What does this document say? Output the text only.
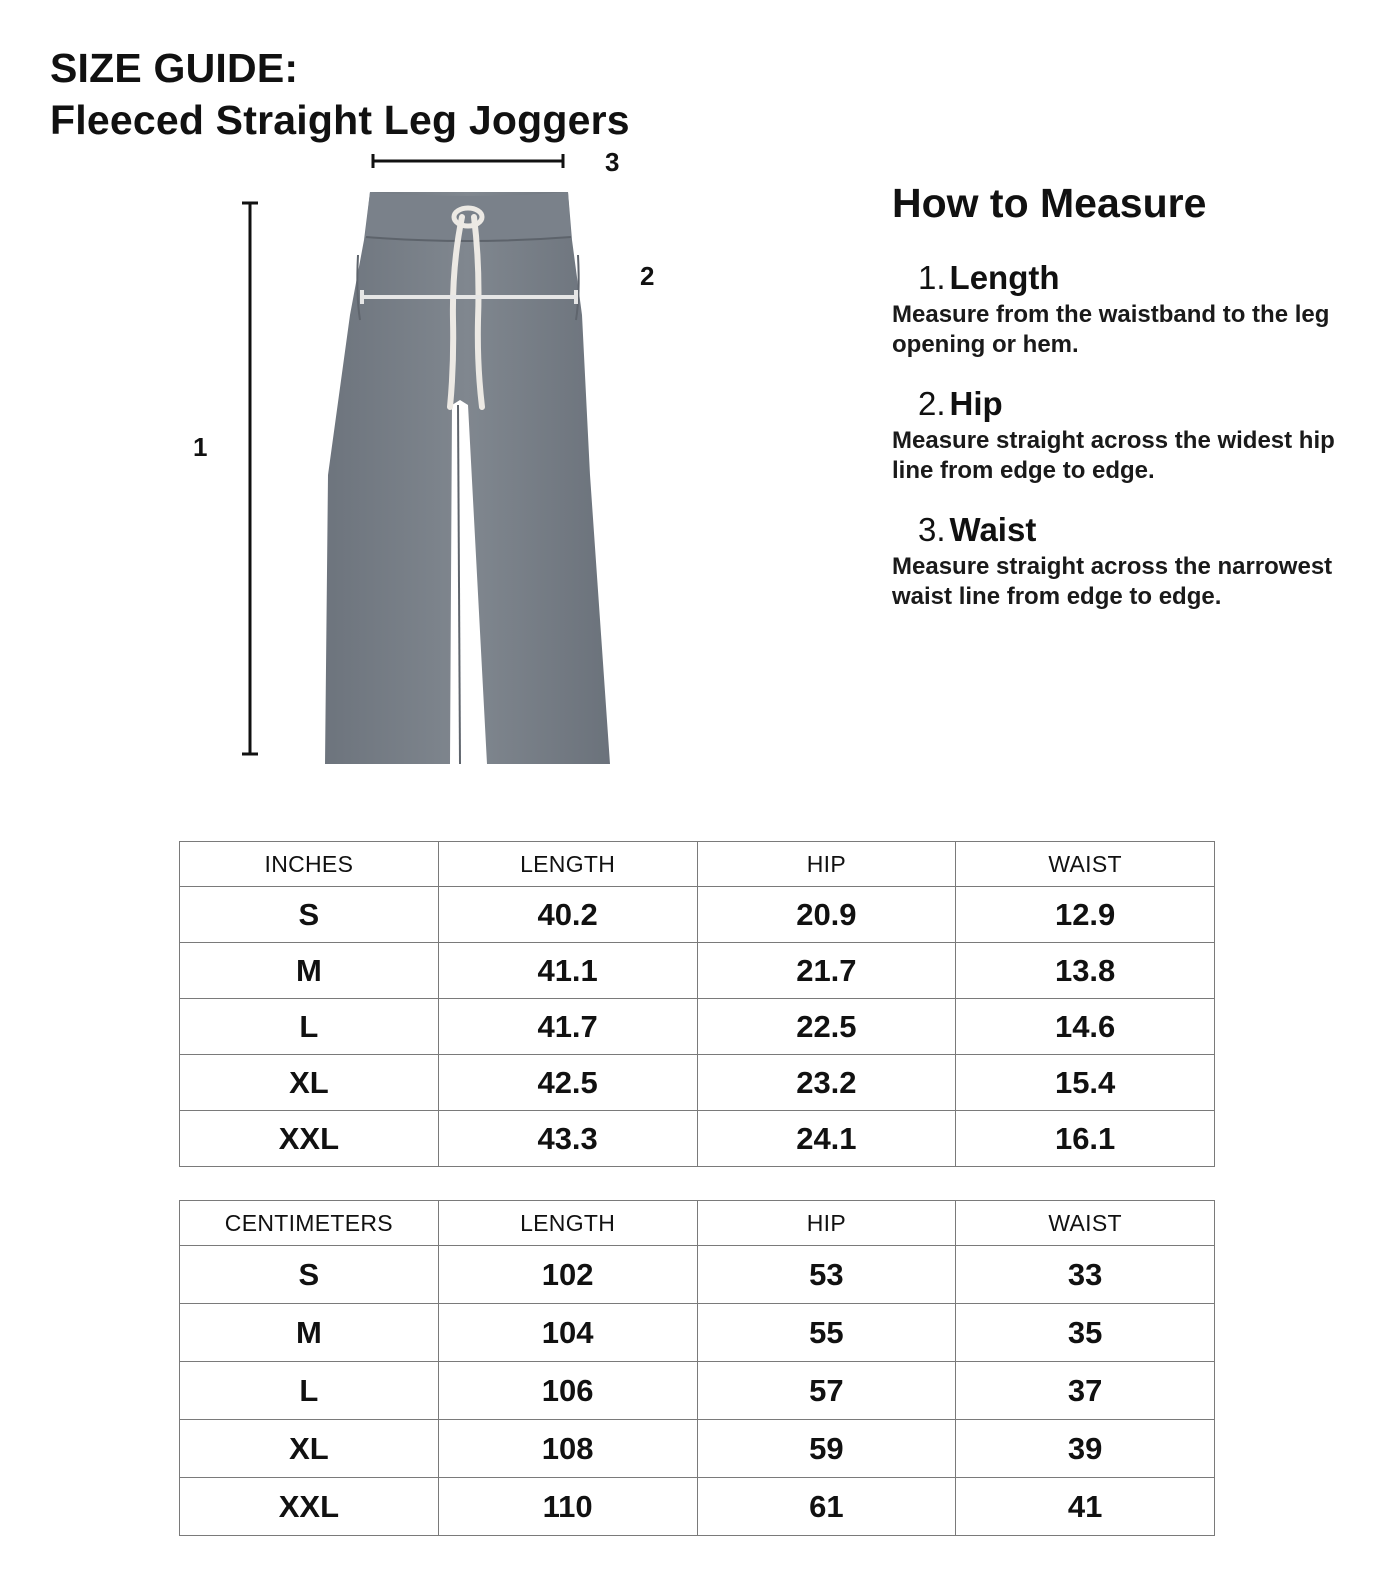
SIZE GUIDE:
Fleeced Straight Leg Joggers
3
1
2
How to Measure
1. Length
Measure from the waistband to the leg opening or hem.
2. Hip
Measure straight across the widest hip line from edge to edge.
3. Waist
Measure straight across the narrowest waist line from edge to edge.
INCHES	LENGTH	HIP	WAIST
S	40.2	20.9	12.9
M	41.1	21.7	13.8
L	41.7	22.5	14.6
XL	42.5	23.2	15.4
XXL	43.3	24.1	16.1
CENTIMETERS	LENGTH	HIP	WAIST
S	102	53	33
M	104	55	35
L	106	57	37
XL	108	59	39
XXL	110	61	41
